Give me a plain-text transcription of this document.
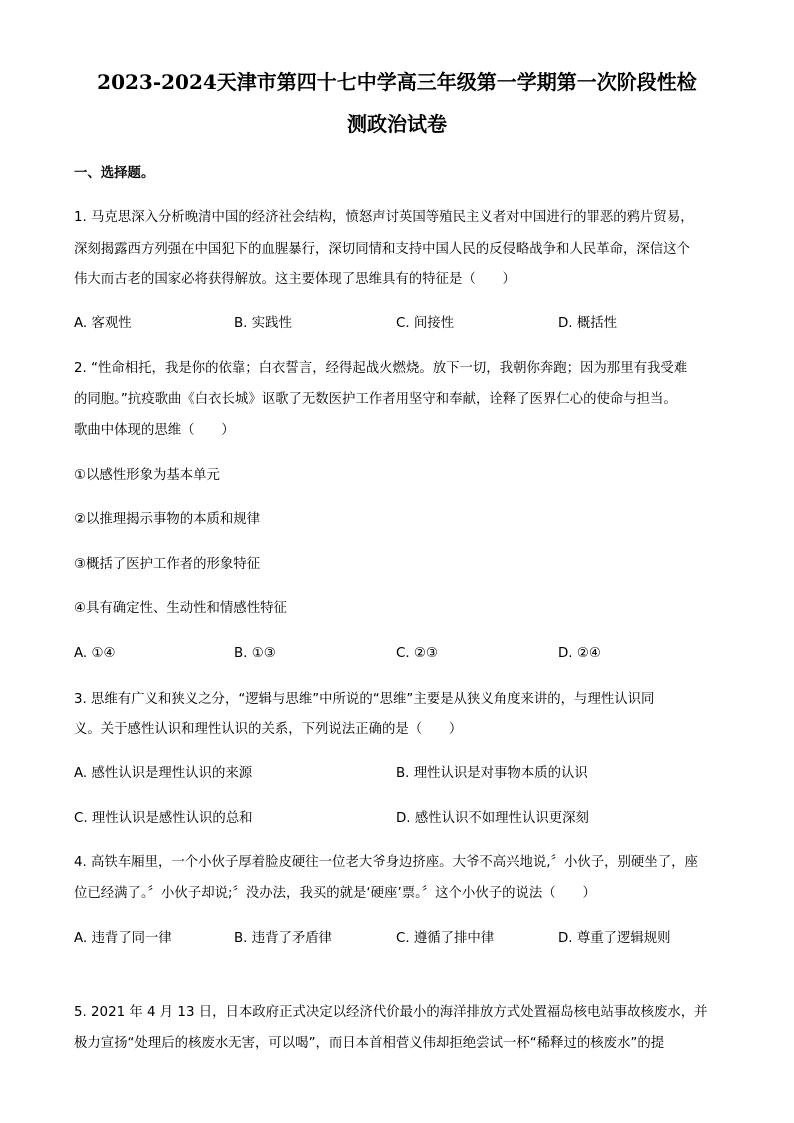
2023-2024天津市第四十七中学高三年级第一学期第一次阶段性检
测政治试卷
一、选择题。
1. 马克思深入分析晚清中国的经济社会结构，愤怒声讨英国等殖民主义者对中国进行的罪恶的鸦片贸易，
深刻揭露西方列强在中国犯下的血腥暴行，深切同情和支持中国人民的反侵略战争和人民革命，深信这个
伟大而古老的国家必将获得解放。这主要体现了思维具有的特征是（　　）
A. 客观性	B. 实践性	C. 间接性	D. 概括性
2. “性命相托，我是你的依靠；白衣誓言，经得起战火燃烧。放下一切，我朝你奔跑；因为那里有我受难
的同胞。”抗疫歌曲《白衣长城》讴歌了无数医护工作者用坚守和奉献，诠释了医界仁心的使命与担当。
歌曲中体现的思维（　　）
①以感性形象为基本单元
②以推理揭示事物的本质和规律
③概括了医护工作者的形象特征
④具有确定性、生动性和情感性特征
A. ①④	B. ①③	C. ②③	D. ②④
3. 思维有广义和狭义之分，“逻辑与思维”中所说的“思维”主要是从狭义角度来讲的，与理性认识同
义。关于感性认识和理性认识的关系，下列说法正确的是（　　）
A. 感性认识是理性认识的来源	B. 理性认识是对事物本质的认识
C. 理性认识是感性认识的总和	D. 感性认识不如理性认识更深刻
4. 高铁车厢里，一个小伙子厚着脸皮硬往一位老大爷身边挤座。大爷不高兴地说,〞小伙子，别硬坐了，座
位已经满了。〞小伙子却说;〞没办法，我买的就是‘硬座’票。〞这个小伙子的说法（　　）
A. 违背了同一律	B. 违背了矛盾律	C. 遵循了排中律	D. 尊重了逻辑规则
5. 2021 年 4 月 13 日，日本政府正式决定以经济代价最小的海洋排放方式处置福岛核电站事故核废水，并
极力宣扬“处理后的核废水无害，可以喝”，而日本首相菅义伟却拒绝尝试一杯“稀释过的核废水”的提
